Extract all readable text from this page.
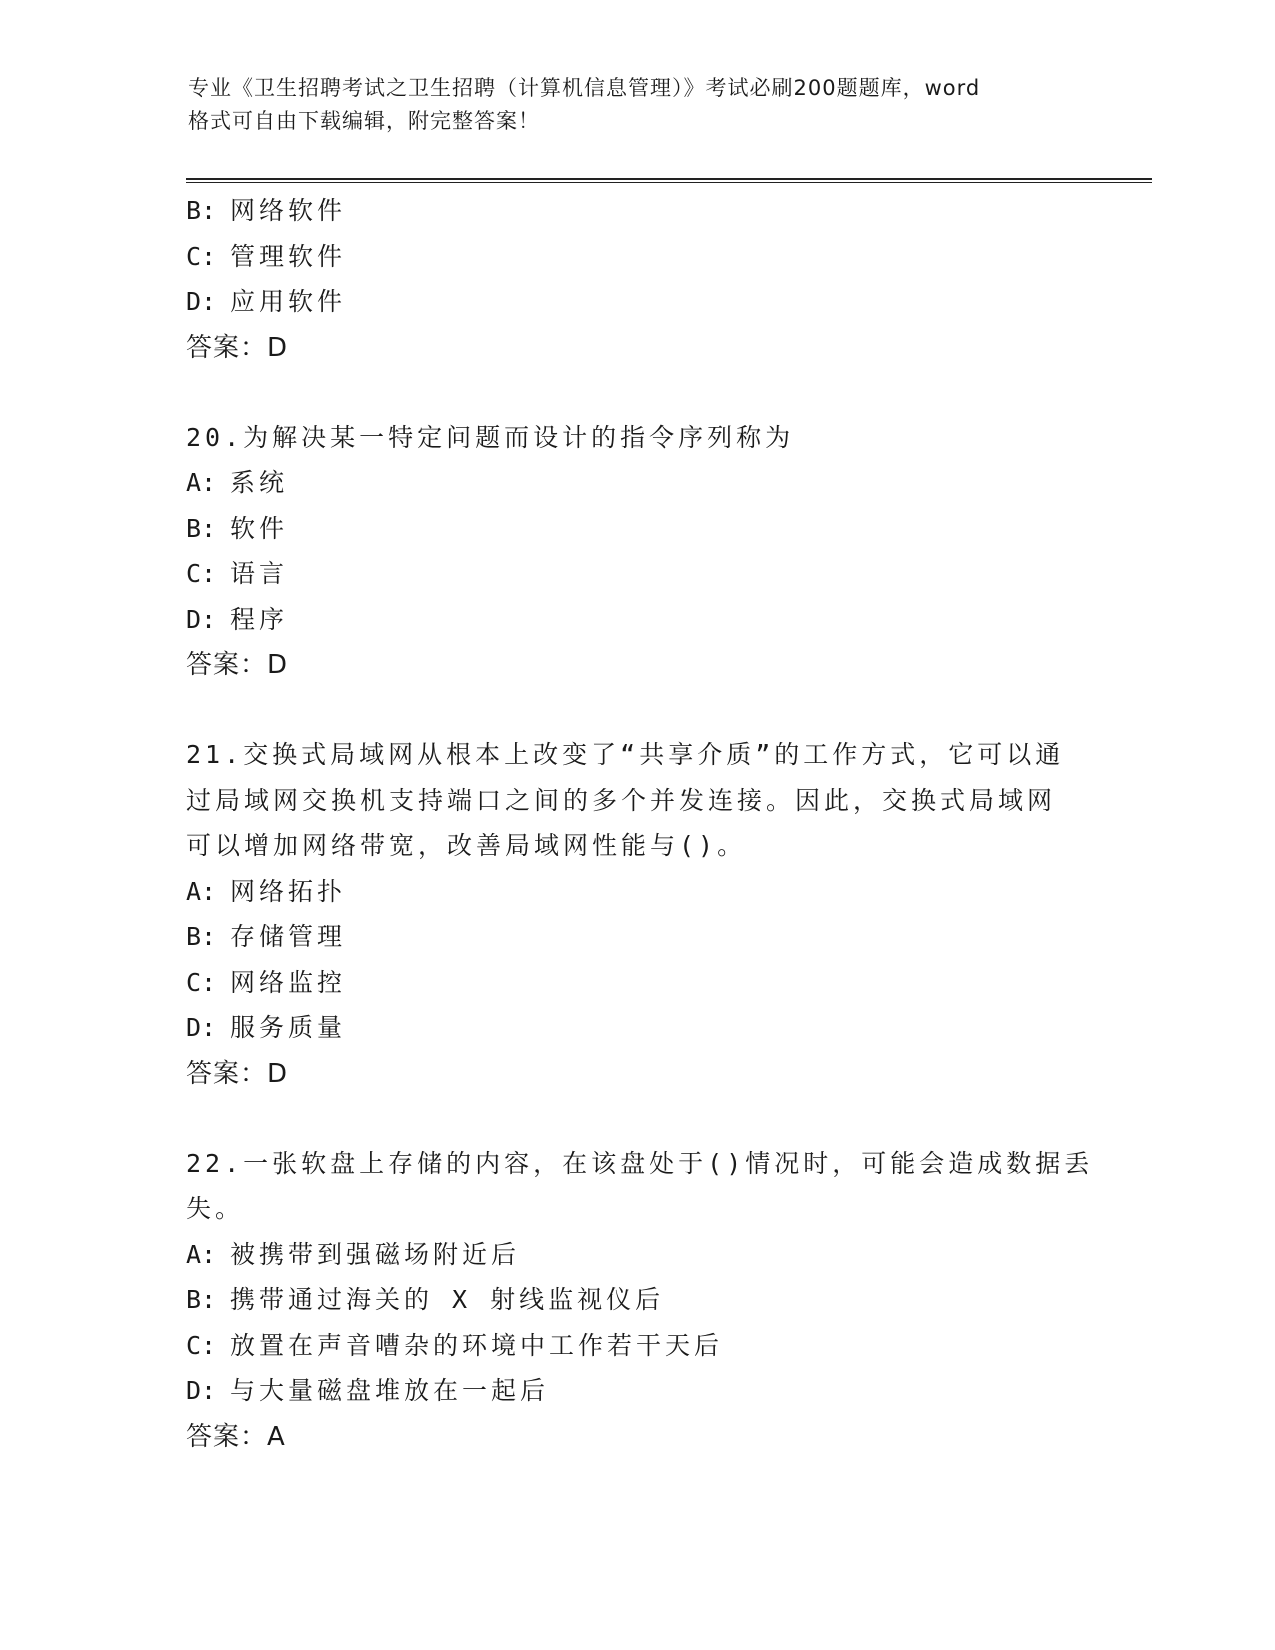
专业《卫生招聘考试之卫生招聘（计算机信息管理）》考试必刷200题题库，word
格式可自由下载编辑，附完整答案！
B: 网络软件
C: 管理软件
D: 应用软件
答案：D
20.为解决某一特定问题而设计的指令序列称为
A: 系统
B: 软件
C: 语言
D: 程序
答案：D
21.交换式局域网从根本上改变了“共享介质”的工作方式，它可以通
过局域网交换机支持端口之间的多个并发连接。因此，交换式局域网
可以增加网络带宽，改善局域网性能与()。
A: 网络拓扑
B: 存储管理
C: 网络监控
D: 服务质量
答案：D
22.一张软盘上存储的内容，在该盘处于()情况时，可能会造成数据丢
失。
A: 被携带到强磁场附近后
B: 携带通过海关的 X 射线监视仪后
C: 放置在声音嘈杂的环境中工作若干天后
D: 与大量磁盘堆放在一起后
答案：A
